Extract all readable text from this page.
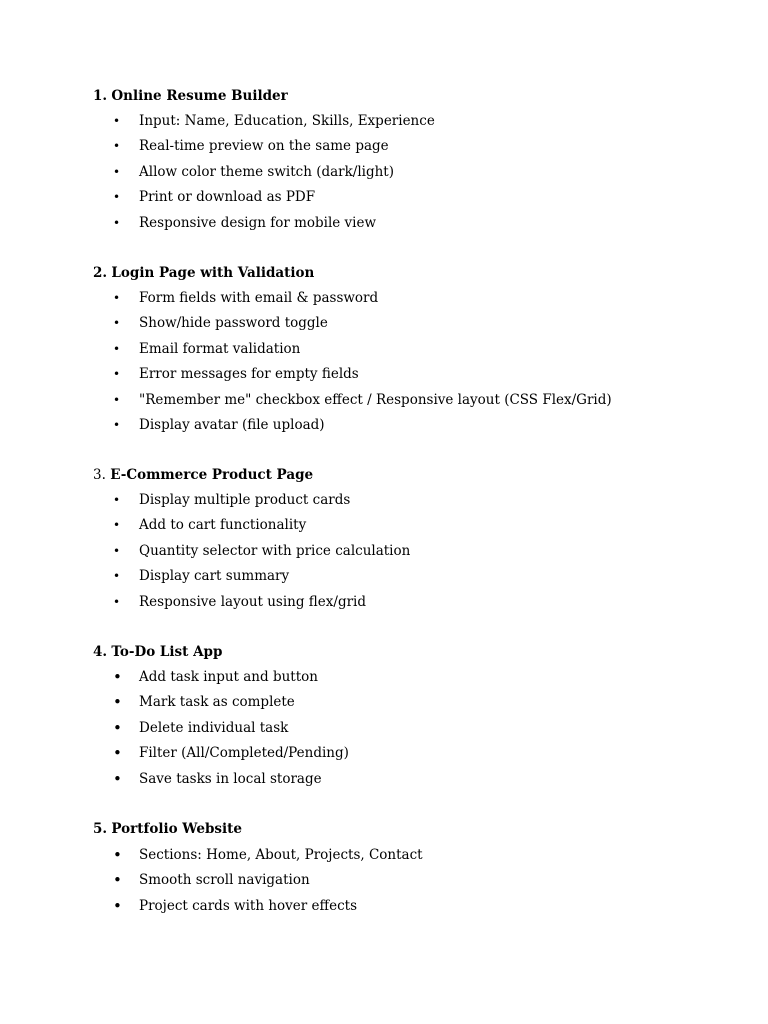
1. Online Resume Builder
• Input: Name, Education, Skills, Experience
• Real-time preview on the same page
• Allow color theme switch (dark/light)
• Print or download as PDF
• Responsive design for mobile view
2. Login Page with Validation
• Form fields with email & password
• Show/hide password toggle
• Email format validation
• Error messages for empty fields
• "Remember me" checkbox effect / Responsive layout (CSS Flex/Grid)
• Display avatar (file upload)
3. E-Commerce Product Page
• Display multiple product cards
• Add to cart functionality
• Quantity selector with price calculation
• Display cart summary
• Responsive layout using flex/grid
4. To-Do List App
• Add task input and button
• Mark task as complete
• Delete individual task
• Filter (All/Completed/Pending)
• Save tasks in local storage
5. Portfolio Website
• Sections: Home, About, Projects, Contact
• Smooth scroll navigation
• Project cards with hover effects
